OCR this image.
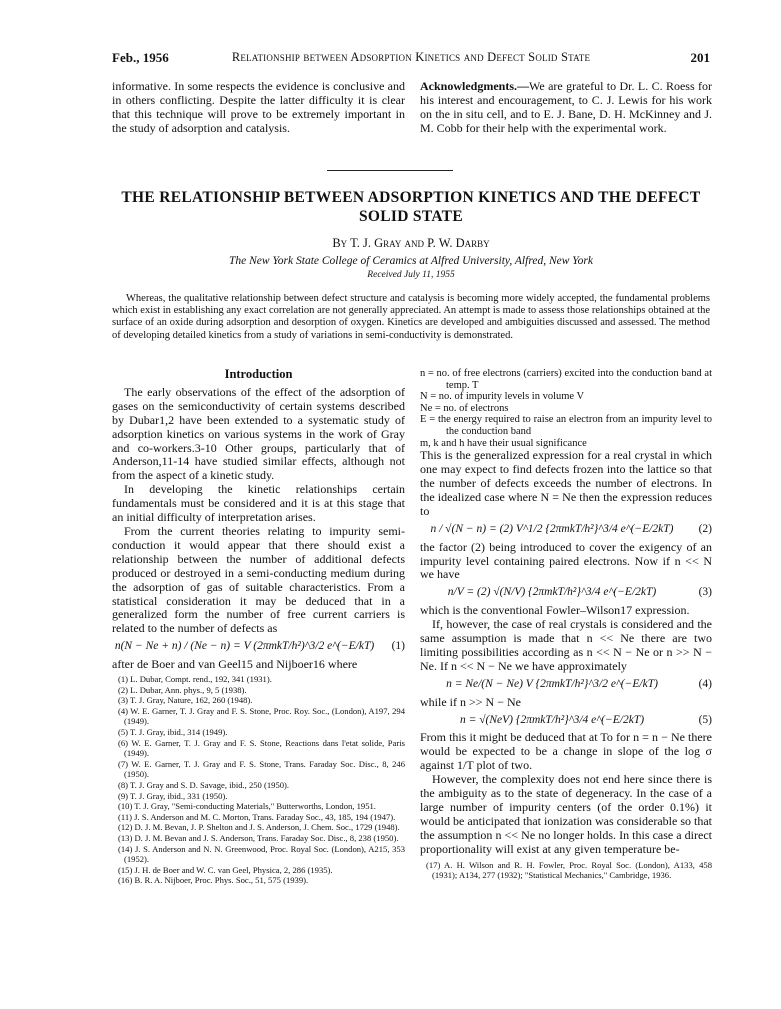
Feb., 1956	Relationship between Adsorption Kinetics and Defect Solid State	201

informative. In some respects the evidence is conclusive and in others conflicting. Despite the latter difficulty it is clear that this technique will prove to be extremely important in the study of adsorption and catalysis.

Acknowledgments.—We are grateful to Dr. L. C. Roess for his interest and encouragement, to C. J. Lewis for his work on the in situ cell, and to E. J. Bane, D. H. McKinney and J. M. Cobb for their help with the experimental work.

THE RELATIONSHIP BETWEEN ADSORPTION KINETICS AND THE DEFECT SOLID STATE
By T. J. Gray and P. W. Darby
The New York State College of Ceramics at Alfred University, Alfred, New York
Received July 11, 1955
Whereas, the qualitative relationship between defect structure and catalysis is becoming more widely accepted, the fundamental problems which exist in establishing any exact correlation are not generally appreciated. An attempt is made to assess those relationships obtained at the surface of an oxide during adsorption and desorption of oxygen. Kinetics are developed and ambiguities discussed and assessed. The method of developing detailed kinetics from a study of variations in semi-conductivity is demonstrated.
Introduction

The early observations of the effect of the adsorption of gases on the semiconductivity of certain systems described by Dubar1,2 have been extended to a systematic study of adsorption kinetics on various systems in the work of Gray and co-workers.3-10 Other groups, particularly that of Anderson,11-14 have studied similar effects, although not from the aspect of a kinetic study.

In developing the kinetic relationships certain fundamentals must be considered and it is at this stage that an initial difficulty of interpretation arises.

From the current theories relating to impurity semi-conduction it would appear that there should exist a relationship between the number of additional defects produced or destroyed in a semi-conducting medium during the adsorption of gas of suitable characteristics. From a statistical consideration it may be deduced that in a generalized form the number of free current carriers is related to the number of defects as

n(N − Ne + n) / (Ne − n) = V (2πmkT/h²)^3/2 e^(−E/kT)	(1)

after de Boer and van Geel15 and Nijboer16 where

(1) L. Dubar, Compt. rend., 192, 341 (1931).
(2) L. Dubar, Ann. phys., 9, 5 (1938).
(3) T. J. Gray, Nature, 162, 260 (1948).
(4) W. E. Garner, T. J. Gray and F. S. Stone, Proc. Roy. Soc., (London), A197, 294 (1949).
(5) T. J. Gray, ibid., 314 (1949).
(6) W. E. Garner, T. J. Gray and F. S. Stone, Reactions dans l'etat solide, Paris (1949).
(7) W. E. Garner, T. J. Gray and F. S. Stone, Trans. Faraday Soc. Disc., 8, 246 (1950).
(8) T. J. Gray and S. D. Savage, ibid., 250 (1950).
(9) T. J. Gray, ibid., 331 (1950).
(10) T. J. Gray, "Semi-conducting Materials," Butterworths, London, 1951.
(11) J. S. Anderson and M. C. Morton, Trans. Faraday Soc., 43, 185, 194 (1947).
(12) D. J. M. Bevan, J. P. Shelton and J. S. Anderson, J. Chem. Soc., 1729 (1948).
(13) D. J. M. Bevan and J. S. Anderson, Trans. Faraday Soc. Disc., 8, 238 (1950).
(14) J. S. Anderson and N. N. Greenwood, Proc. Royal Soc. (London), A215, 353 (1952).
(15) J. H. de Boer and W. C. van Geel, Physica, 2, 286 (1935).
(16) B. R. A. Nijboer, Proc. Phys. Soc., 51, 575 (1939).
n = no. of free electrons (carriers) excited into the conduction band at temp. T
N = no. of impurity levels in volume V
Ne = no. of electrons
E = the energy required to raise an electron from an impurity level to the conduction band
m, k and h have their usual significance

This is the generalized expression for a real crystal in which one may expect to find defects frozen into the lattice so that the number of defects exceeds the number of electrons. In the idealized case where N = Ne then the expression reduces to

n / √(N − n) = (2) V^1/2 {2πmkT/h²}^3/4 e^(−E/2kT)	(2)

the factor (2) being introduced to cover the exigency of an impurity level containing paired electrons. Now if n << N we have

n/V = (2) √(N/V) {2πmkT/h²}^3/4 e^(−E/2kT)	(3)

which is the conventional Fowler–Wilson17 expression.

If, however, the case of real crystals is considered and the same assumption is made that n << Ne there are two limiting possibilities according as n << N − Ne or n >> N − Ne. If n << N − Ne we have approximately

n = Ne/(N − Ne) V {2πmkT/h²}^3/2 e^(−E/kT)	(4)

while if n >> N − Ne

n = √(NeV) {2πmkT/h²}^3/4 e^(−E/2kT)	(5)

From this it might be deduced that at To for n = n − Ne there would be expected to be a change in slope of the log σ against 1/T plot of two.

However, the complexity does not end here since there is the ambiguity as to the state of degeneracy. In the case of a large number of impurity centers (of the order 0.1%) it would be anticipated that ionization was considerable so that the assumption n << Ne no longer holds. In this case a direct proportionality will exist at any given temperature be-

(17) A. H. Wilson and R. H. Fowler, Proc. Royal Soc. (London), A133, 458 (1931); A134, 277 (1932); "Statistical Mechanics," Cambridge, 1936.
